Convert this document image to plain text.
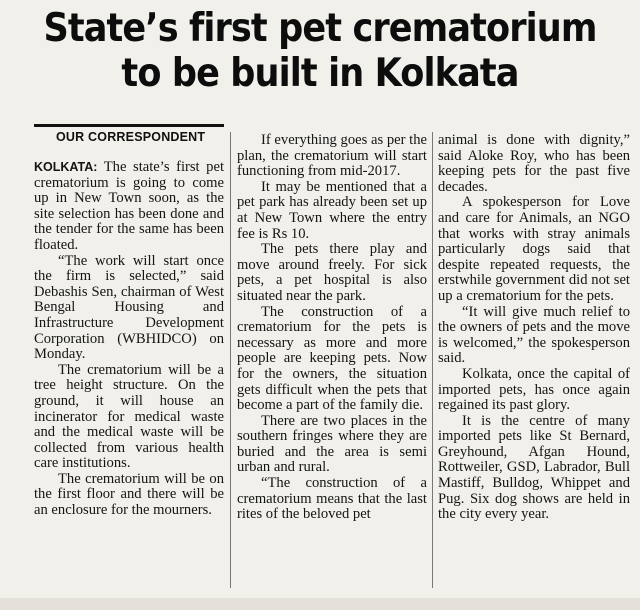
State’s first pet crematorium
to be built in Kolkata
OUR CORRESPONDENT

KOLKATA: The state’s first pet crematorium is going to come up in New Town soon, as the site selection has been done and the tender for the same has been floated.

“The work will start once the firm is selected,” said Debashis Sen, chairman of West Bengal Housing and Infrastructure Development Corporation (WBHIDCO) on Monday.

The crematorium will be a tree height structure. On the ground, it will house an incinerator for medical waste and the medical waste will be collected from various health care institutions.

The crematorium will be on the first floor and there will be an enclosure for the mourners.

If everything goes as per the plan, the crematorium will start functioning from mid-2017.

It may be mentioned that a pet park has already been set up at New Town where the entry fee is Rs 10.

The pets there play and move around freely. For sick pets, a pet hospital is also situated near the park.

The construction of a crematorium for the pets is necessary as more and more people are keeping pets. Now for the owners, the situation gets difficult when the pets that become a part of the family die.

There are two places in the southern fringes where they are buried and the area is semi urban and rural.

“The construction of a crematorium means that the last rites of the beloved pet

animal is done with dignity,” said Aloke Roy, who has been keeping pets for the past five decades.

A spokesperson for Love and care for Animals, an NGO that works with stray animals particularly dogs said that despite repeated requests, the erstwhile government did not set up a crematorium for the pets.

“It will give much relief to the owners of pets and the move is welcomed,” the spokesperson said.

Kolkata, once the capital of imported pets, has once again regained its past glory.

It is the centre of many imported pets like St Bernard, Greyhound, Afgan Hound, Rottweiler, GSD, Labrador, Bull Mastiff, Bulldog, Whippet and Pug. Six dog shows are held in the city every year.
